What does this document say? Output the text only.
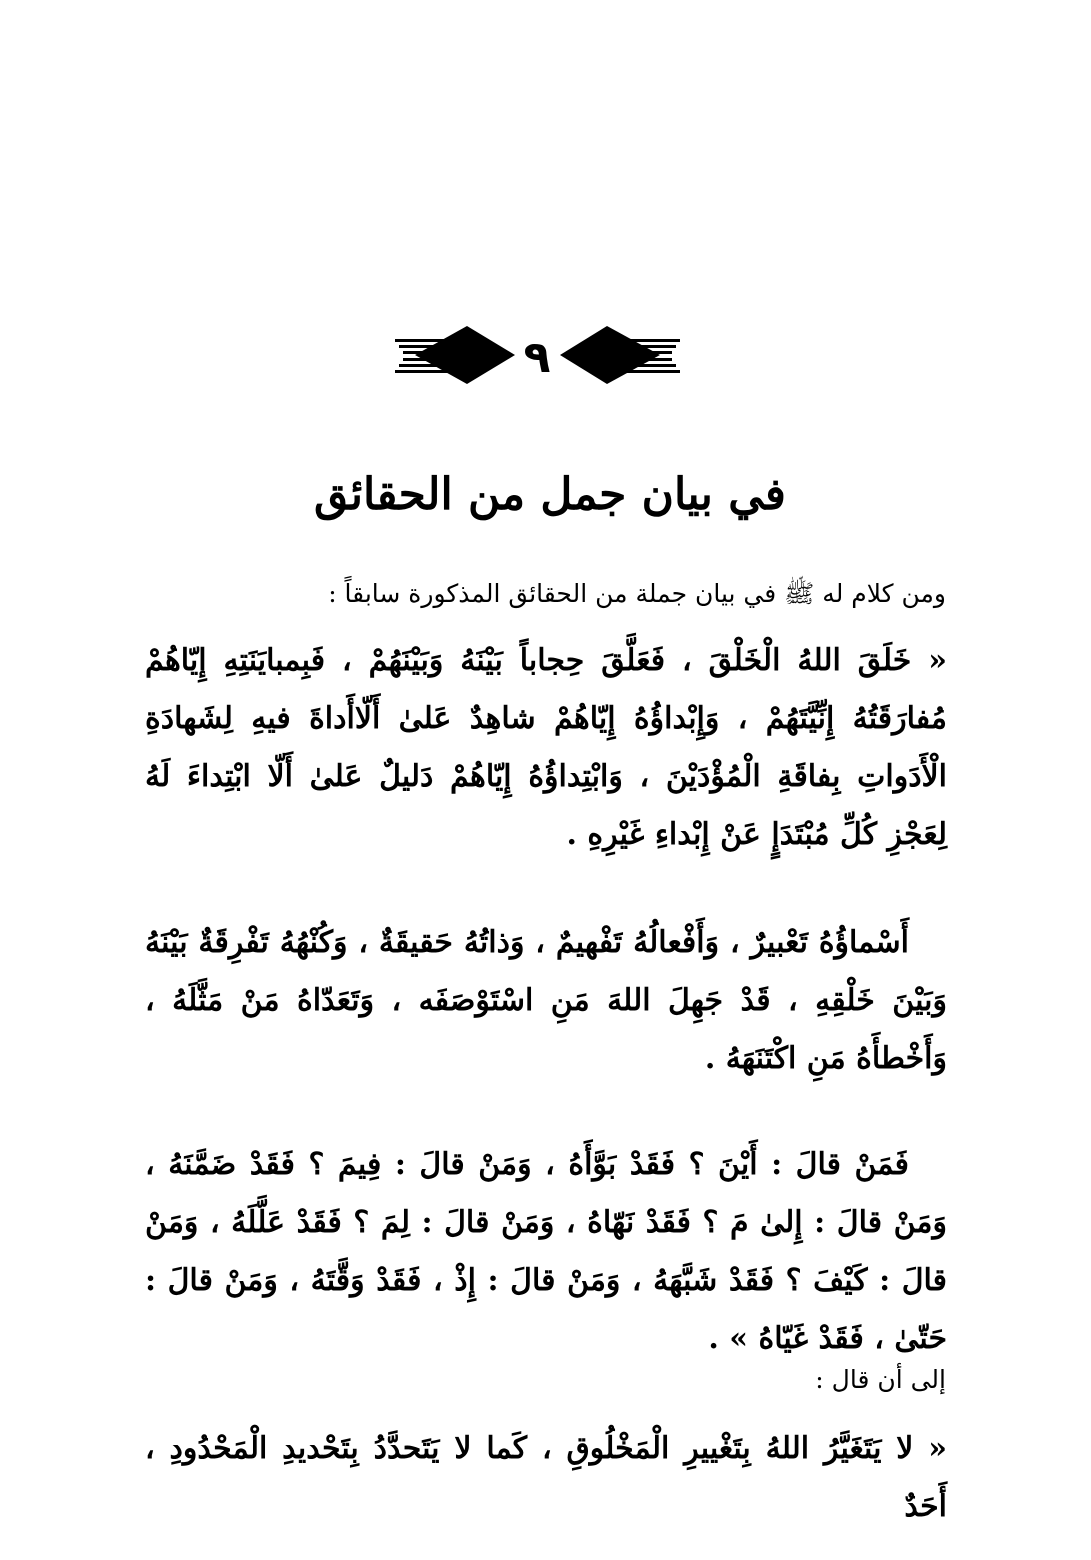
٩
في بيان جمل من الحقائق

ومن كلام له ﷺ في بيان جملة من الحقائق المذكورة سابقاً :

« خَلَقَ اللهُ الْخَلْقَ ، فَعَلَّقَ حِجاباً بَيْنَهُ وَبَيْنَهُمْ ، فَبِمبايَنَتِهِ إِيّاهُمْ مُفارَقَتُهُ إِنِّيَّتَهُمْ ، وَإِبْداؤُهُ إِيّاهُمْ شاهِدٌ عَلىٰ أَلّاأَداةَ فيهِ لِشَهادَةِ الْأَدَواتِ بِفاقَةِ الْمُؤْدَيْنَ ، وَابْتِداؤُهُ إِيّاهُمْ دَليلٌ عَلىٰ أَلّا ابْتِداءَ لَهُ لِعَجْزِ كُلِّ مُبْتَدَإٍ عَنْ إِبْداءِ غَيْرِهِ .

أَسْماؤُهُ تَعْبيرٌ ، وَأَفْعالُهُ تَفْهيمٌ ، وَذاتُهُ حَقيقَةٌ ، وَكُنْهُهُ تَفْرِقَةٌ بَيْنَهُ وَبَيْنَ خَلْقِهِ ، قَدْ جَهِلَ اللهَ مَنِ اسْتَوْصَفَه ، وَتَعَدّاهُ مَنْ مَثَّلَهُ ، وَأَخْطأَهُ مَنِ اكْتَنَهَهُ .

فَمَنْ قالَ : أَيْنَ ؟ فَقَدْ بَوَّأَهُ ، وَمَنْ قالَ : فِيمَ ؟ فَقَدْ ضَمَّنَهُ ، وَمَنْ قالَ : إِلىٰ مَ ؟ فَقَدْ نَهّاهُ ، وَمَنْ قالَ : لِمَ ؟ فَقَدْ عَلَّلَهُ ، وَمَنْ قالَ : كَيْفَ ؟ فَقَدْ شَبَّهَهُ ، وَمَنْ قالَ : إِذْ ، فَقَدْ وَقَّتَهُ ، وَمَنْ قالَ : حَتّىٰ ، فَقَدْ غَيّاهُ » .

إلى أن قال :

« لا يَتَغَيَّرُ اللهُ بِتَغْييرِ الْمَخْلُوقِ ، كَما لا يَتَحدَّدُ بِتَحْديدِ الْمَحْدُودِ ، أَحَدٌ
